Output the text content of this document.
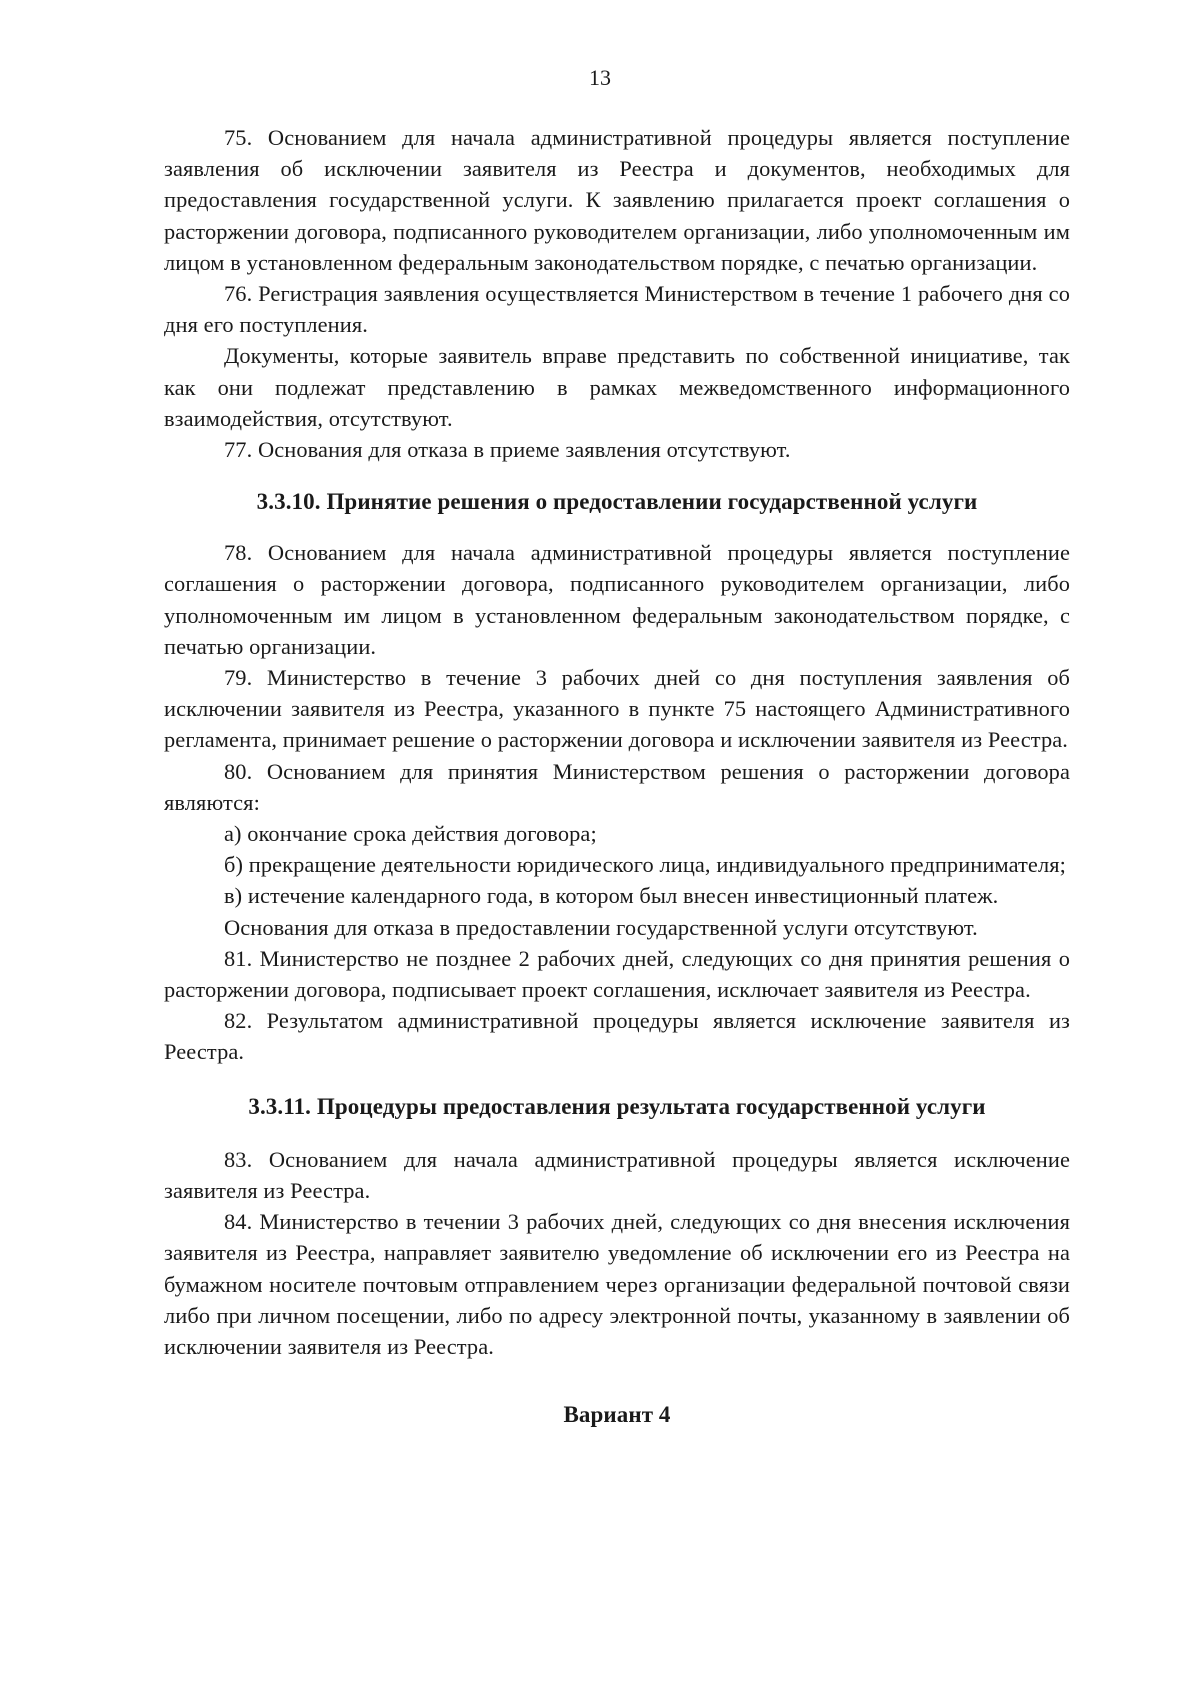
13

75. Основанием для начала административной процедуры является поступление заявления об исключении заявителя из Реестра и документов, необходимых для предоставления государственной услуги. К заявлению прилагается проект соглашения о расторжении договора, подписанного руководителем организации, либо уполномоченным им лицом в установленном федеральным законодательством порядке, с печатью организации.

76. Регистрация заявления осуществляется Министерством в течение 1 рабочего дня со дня его поступления.

Документы, которые заявитель вправе представить по собственной инициативе, так как они подлежат представлению в рамках межведомственного информационного взаимодействия, отсутствуют.

77. Основания для отказа в приеме заявления отсутствуют.

3.3.10. Принятие решения о предоставлении государственной услуги

78. Основанием для начала административной процедуры является поступление соглашения о расторжении договора, подписанного руководителем организации, либо уполномоченным им лицом в установленном федеральным законодательством порядке, с печатью организации.

79. Министерство в течение 3 рабочих дней со дня поступления заявления об исключении заявителя из Реестра, указанного в пункте 75 настоящего Административного регламента, принимает решение о расторжении договора и исключении заявителя из Реестра.

80. Основанием для принятия Министерством решения о расторжении договора являются:

а) окончание срока действия договора;

б) прекращение деятельности юридического лица, индивидуального предпринимателя;

в) истечение календарного года, в котором был внесен инвестиционный платеж.

Основания для отказа в предоставлении государственной услуги отсутствуют.

81. Министерство не позднее 2 рабочих дней, следующих со дня принятия решения о расторжении договора, подписывает проект соглашения, исключает заявителя из Реестра.

82. Результатом административной процедуры является исключение заявителя из Реестра.

3.3.11. Процедуры предоставления результата государственной услуги

83. Основанием для начала административной процедуры является исключение заявителя из Реестра.

84. Министерство в течении 3 рабочих дней, следующих со дня внесения исключения заявителя из Реестра, направляет заявителю уведомление об исключении его из Реестра на бумажном носителе почтовым отправлением через организации федеральной почтовой связи либо при личном посещении, либо по адресу электронной почты, указанному в заявлении об исключении заявителя из Реестра.

Вариант 4
